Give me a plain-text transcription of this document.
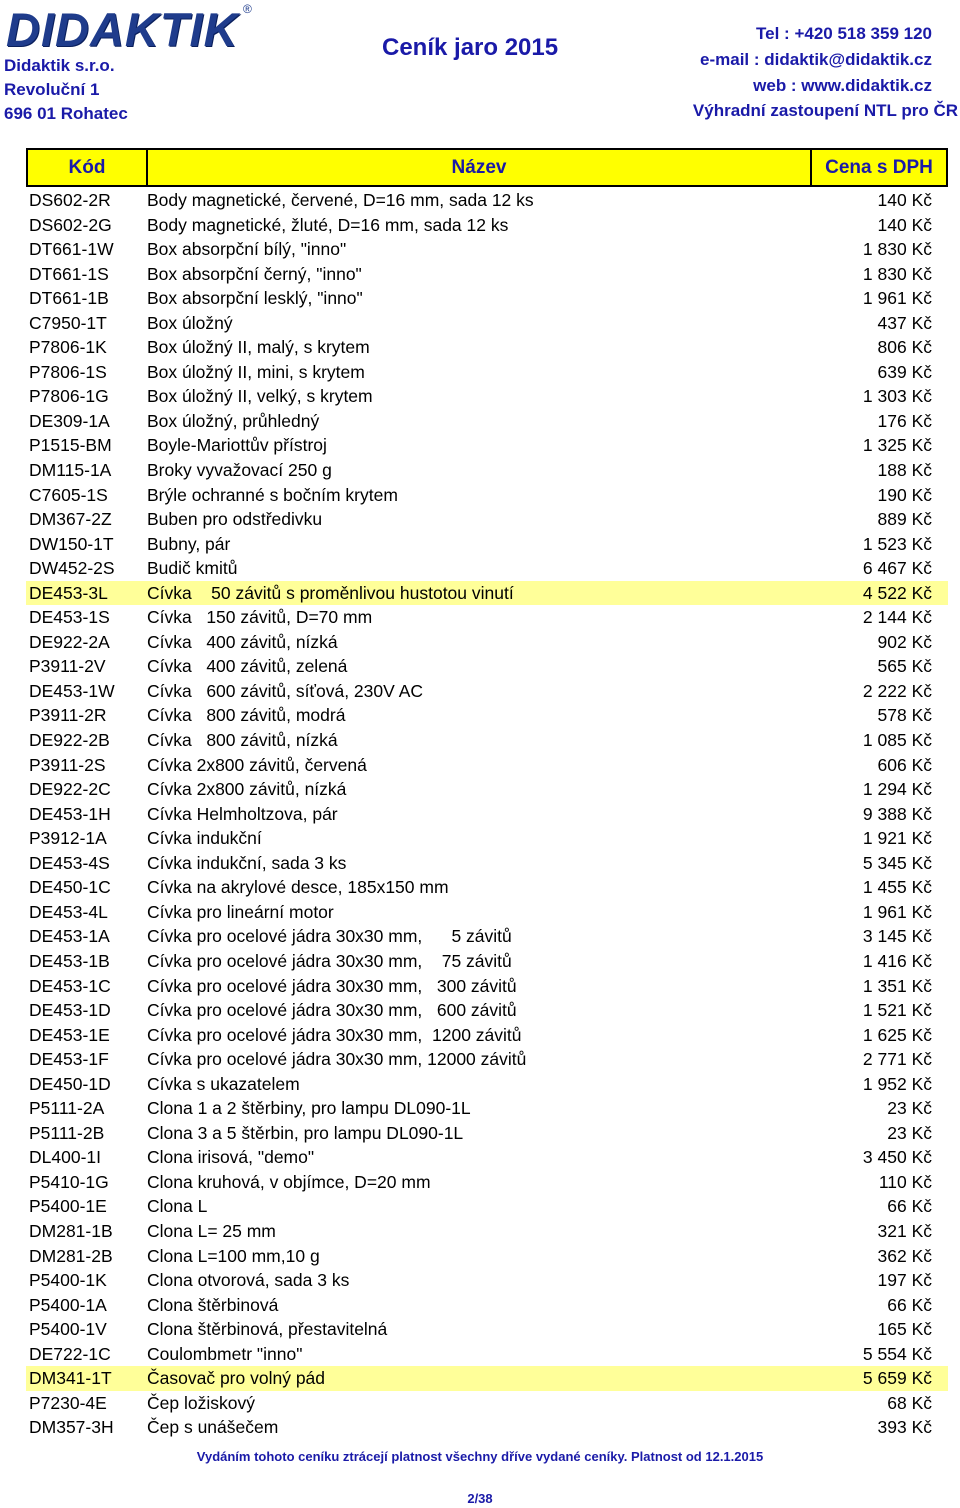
DIDAKTIK ®
Didaktik s.r.o.
Revoluční 1
696 01 Rohatec
Ceník jaro 2015
Tel : +420 518 359 120
e-mail : didaktik@didaktik.cz
web : www.didaktik.cz
Výhradní zastoupení NTL pro ČR
Kód	Název	Cena s DPH
DS602-2R Body magnetické, červené, D=16 mm, sada 12 ks	140 Kč
DS602-2G Body magnetické, žluté, D=16 mm, sada 12 ks	140 Kč
DT661-1W Box absorpční bílý, "inno"	1 830 Kč
DT661-1S Box absorpční černý, "inno"	1 830 Kč
DT661-1B Box absorpční lesklý, "inno"	1 961 Kč
C7950-1T Box úložný	437 Kč
P7806-1K Box úložný II, malý, s krytem	806 Kč
P7806-1S Box úložný II, mini, s krytem	639 Kč
P7806-1G Box úložný II, velký, s krytem	1 303 Kč
DE309-1A Box úložný, průhledný	176 Kč
P1515-BM Boyle-Mariottův přístroj	1 325 Kč
DM115-1A Broky vyvažovací 250 g	188 Kč
C7605-1S Brýle ochranné s bočním krytem	190 Kč
DM367-2Z Buben pro odstředivku	889 Kč
DW150-1T Bubny, pár	1 523 Kč
DW452-2S Budič kmitů	6 467 Kč
DE453-3L Cívka    50 závitů s proměnlivou hustotou vinutí	4 522 Kč
DE453-1S Cívka   150 závitů, D=70 mm	2 144 Kč
DE922-2A Cívka   400 závitů, nízká	902 Kč
P3911-2V Cívka   400 závitů, zelená	565 Kč
DE453-1W Cívka   600 závitů, síťová, 230V AC	2 222 Kč
P3911-2R Cívka   800 závitů, modrá	578 Kč
DE922-2B Cívka   800 závitů, nízká	1 085 Kč
P3911-2S Cívka 2x800 závitů, červená	606 Kč
DE922-2C Cívka 2x800 závitů, nízká	1 294 Kč
DE453-1H Cívka Helmholtzova, pár	9 388 Kč
P3912-1A Cívka indukční	1 921 Kč
DE453-4S Cívka indukční, sada 3 ks	5 345 Kč
DE450-1C Cívka na akrylové desce, 185x150 mm	1 455 Kč
DE453-4L Cívka pro lineární motor	1 961 Kč
DE453-1A Cívka pro ocelové jádra 30x30 mm,      5 závitů	3 145 Kč
DE453-1B Cívka pro ocelové jádra 30x30 mm,    75 závitů	1 416 Kč
DE453-1C Cívka pro ocelové jádra 30x30 mm,   300 závitů	1 351 Kč
DE453-1D Cívka pro ocelové jádra 30x30 mm,   600 závitů	1 521 Kč
DE453-1E Cívka pro ocelové jádra 30x30 mm,  1200 závitů	1 625 Kč
DE453-1F Cívka pro ocelové jádra 30x30 mm, 12000 závitů	2 771 Kč
DE450-1D Cívka s ukazatelem	1 952 Kč
P5111-2A Clona 1 a 2 štěrbiny, pro lampu DL090-1L	23 Kč
P5111-2B Clona 3 a 5 štěrbin, pro lampu DL090-1L	23 Kč
DL400-1I	Clona irisová, "demo"	3 450 Kč
P5410-1G Clona kruhová, v objímce, D=20 mm	110 Kč
P5400-1E Clona L	66 Kč
DM281-1B Clona L= 25 mm	321 Kč
DM281-2B Clona L=100 mm,10 g	362 Kč
P5400-1K Clona otvorová, sada 3 ks	197 Kč
P5400-1A Clona štěrbinová	66 Kč
P5400-1V Clona štěrbinová, přestavitelná	165 Kč
DE722-1C Coulombmetr "inno"	5 554 Kč
DM341-1T Časovač pro volný pád	5 659 Kč
P7230-4E Čep ložiskový	68 Kč
DM357-3H Čep s unášečem	393 Kč
Vydáním tohoto ceníku ztrácejí platnost všechny dříve vydané ceníky. Platnost od 12.1.2015
2/38
